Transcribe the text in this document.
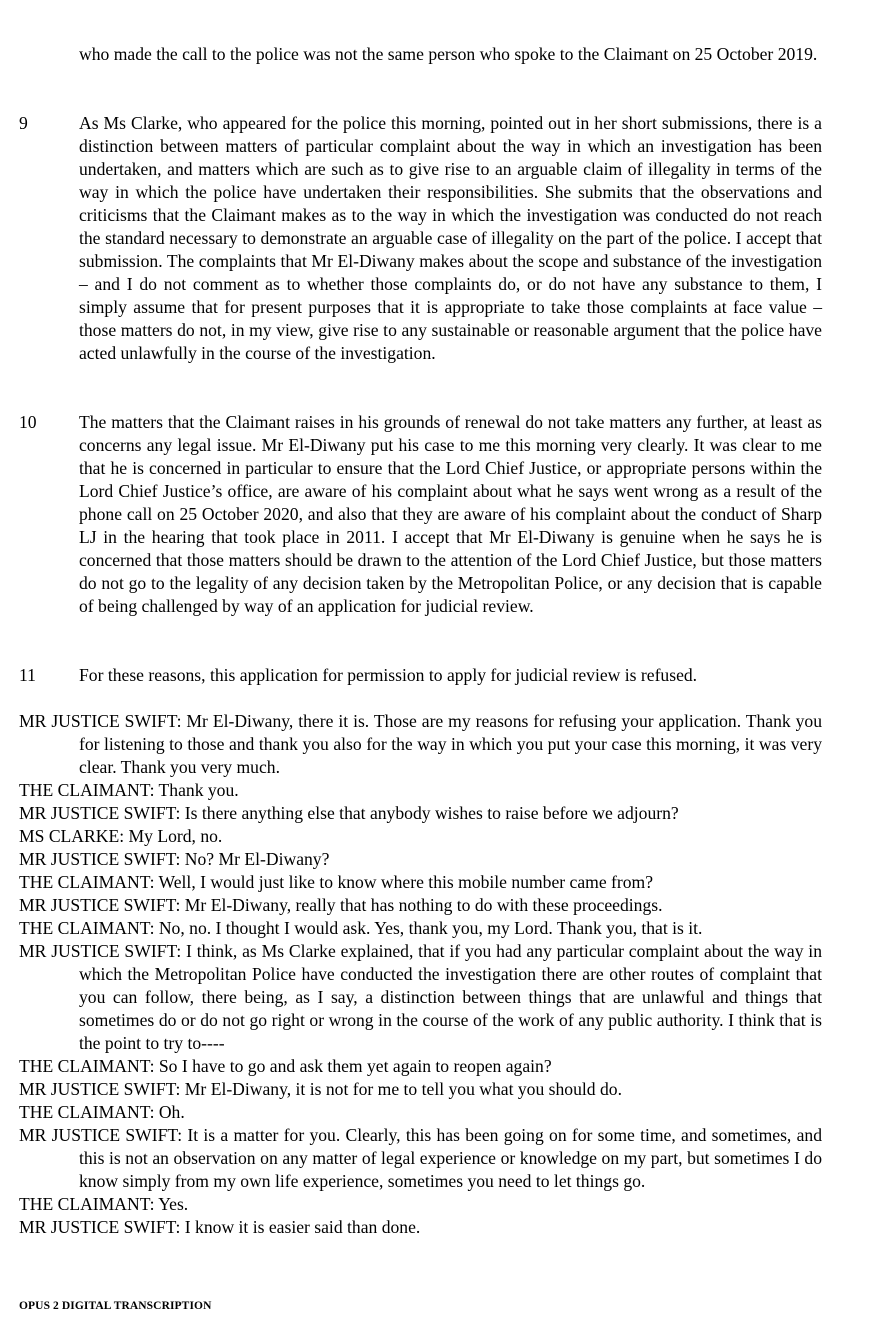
who made the call to the police was not the same person who spoke to the Claimant on 25 October 2019.
9	As Ms Clarke, who appeared for the police this morning, pointed out in her short submissions, there is a distinction between matters of particular complaint about the way in which an investigation has been undertaken, and matters which are such as to give rise to an arguable claim of illegality in terms of the way in which the police have undertaken their responsibilities. She submits that the observations and criticisms that the Claimant makes as to the way in which the investigation was conducted do not reach the standard necessary to demonstrate an arguable case of illegality on the part of the police. I accept that submission. The complaints that Mr El-Diwany makes about the scope and substance of the investigation – and I do not comment as to whether those complaints do, or do not have any substance to them, I simply assume that for present purposes that it is appropriate to take those complaints at face value – those matters do not, in my view, give rise to any sustainable or reasonable argument that the police have acted unlawfully in the course of the investigation.
10	The matters that the Claimant raises in his grounds of renewal do not take matters any further, at least as concerns any legal issue. Mr El-Diwany put his case to me this morning very clearly. It was clear to me that he is concerned in particular to ensure that the Lord Chief Justice, or appropriate persons within the Lord Chief Justice’s office, are aware of his complaint about what he says went wrong as a result of the phone call on 25 October 2020, and also that they are aware of his complaint about the conduct of Sharp LJ in the hearing that took place in 2011. I accept that Mr El-Diwany is genuine when he says he is concerned that those matters should be drawn to the attention of the Lord Chief Justice, but those matters do not go to the legality of any decision taken by the Metropolitan Police, or any decision that is capable of being challenged by way of an application for judicial review.
11	For these reasons, this application for permission to apply for judicial review is refused.
MR JUSTICE SWIFT: Mr El-Diwany, there it is. Those are my reasons for refusing your application. Thank you for listening to those and thank you also for the way in which you put your case this morning, it was very clear. Thank you very much.
THE CLAIMANT: Thank you.
MR JUSTICE SWIFT: Is there anything else that anybody wishes to raise before we adjourn?
MS CLARKE: My Lord, no.
MR JUSTICE SWIFT: No? Mr El-Diwany?
THE CLAIMANT: Well, I would just like to know where this mobile number came from?
MR JUSTICE SWIFT: Mr El-Diwany, really that has nothing to do with these proceedings.
THE CLAIMANT: No, no. I thought I would ask. Yes, thank you, my Lord. Thank you, that is it.
MR JUSTICE SWIFT: I think, as Ms Clarke explained, that if you had any particular complaint about the way in which the Metropolitan Police have conducted the investigation there are other routes of complaint that you can follow, there being, as I say, a distinction between things that are unlawful and things that sometimes do or do not go right or wrong in the course of the work of any public authority. I think that is the point to try to----
THE CLAIMANT: So I have to go and ask them yet again to reopen again?
MR JUSTICE SWIFT: Mr El-Diwany, it is not for me to tell you what you should do.
THE CLAIMANT: Oh.
MR JUSTICE SWIFT: It is a matter for you. Clearly, this has been going on for some time, and sometimes, and this is not an observation on any matter of legal experience or knowledge on my part, but sometimes I do know simply from my own life experience, sometimes you need to let things go.
THE CLAIMANT: Yes.
MR JUSTICE SWIFT: I know it is easier said than done.
OPUS 2 DIGITAL TRANSCRIPTION
